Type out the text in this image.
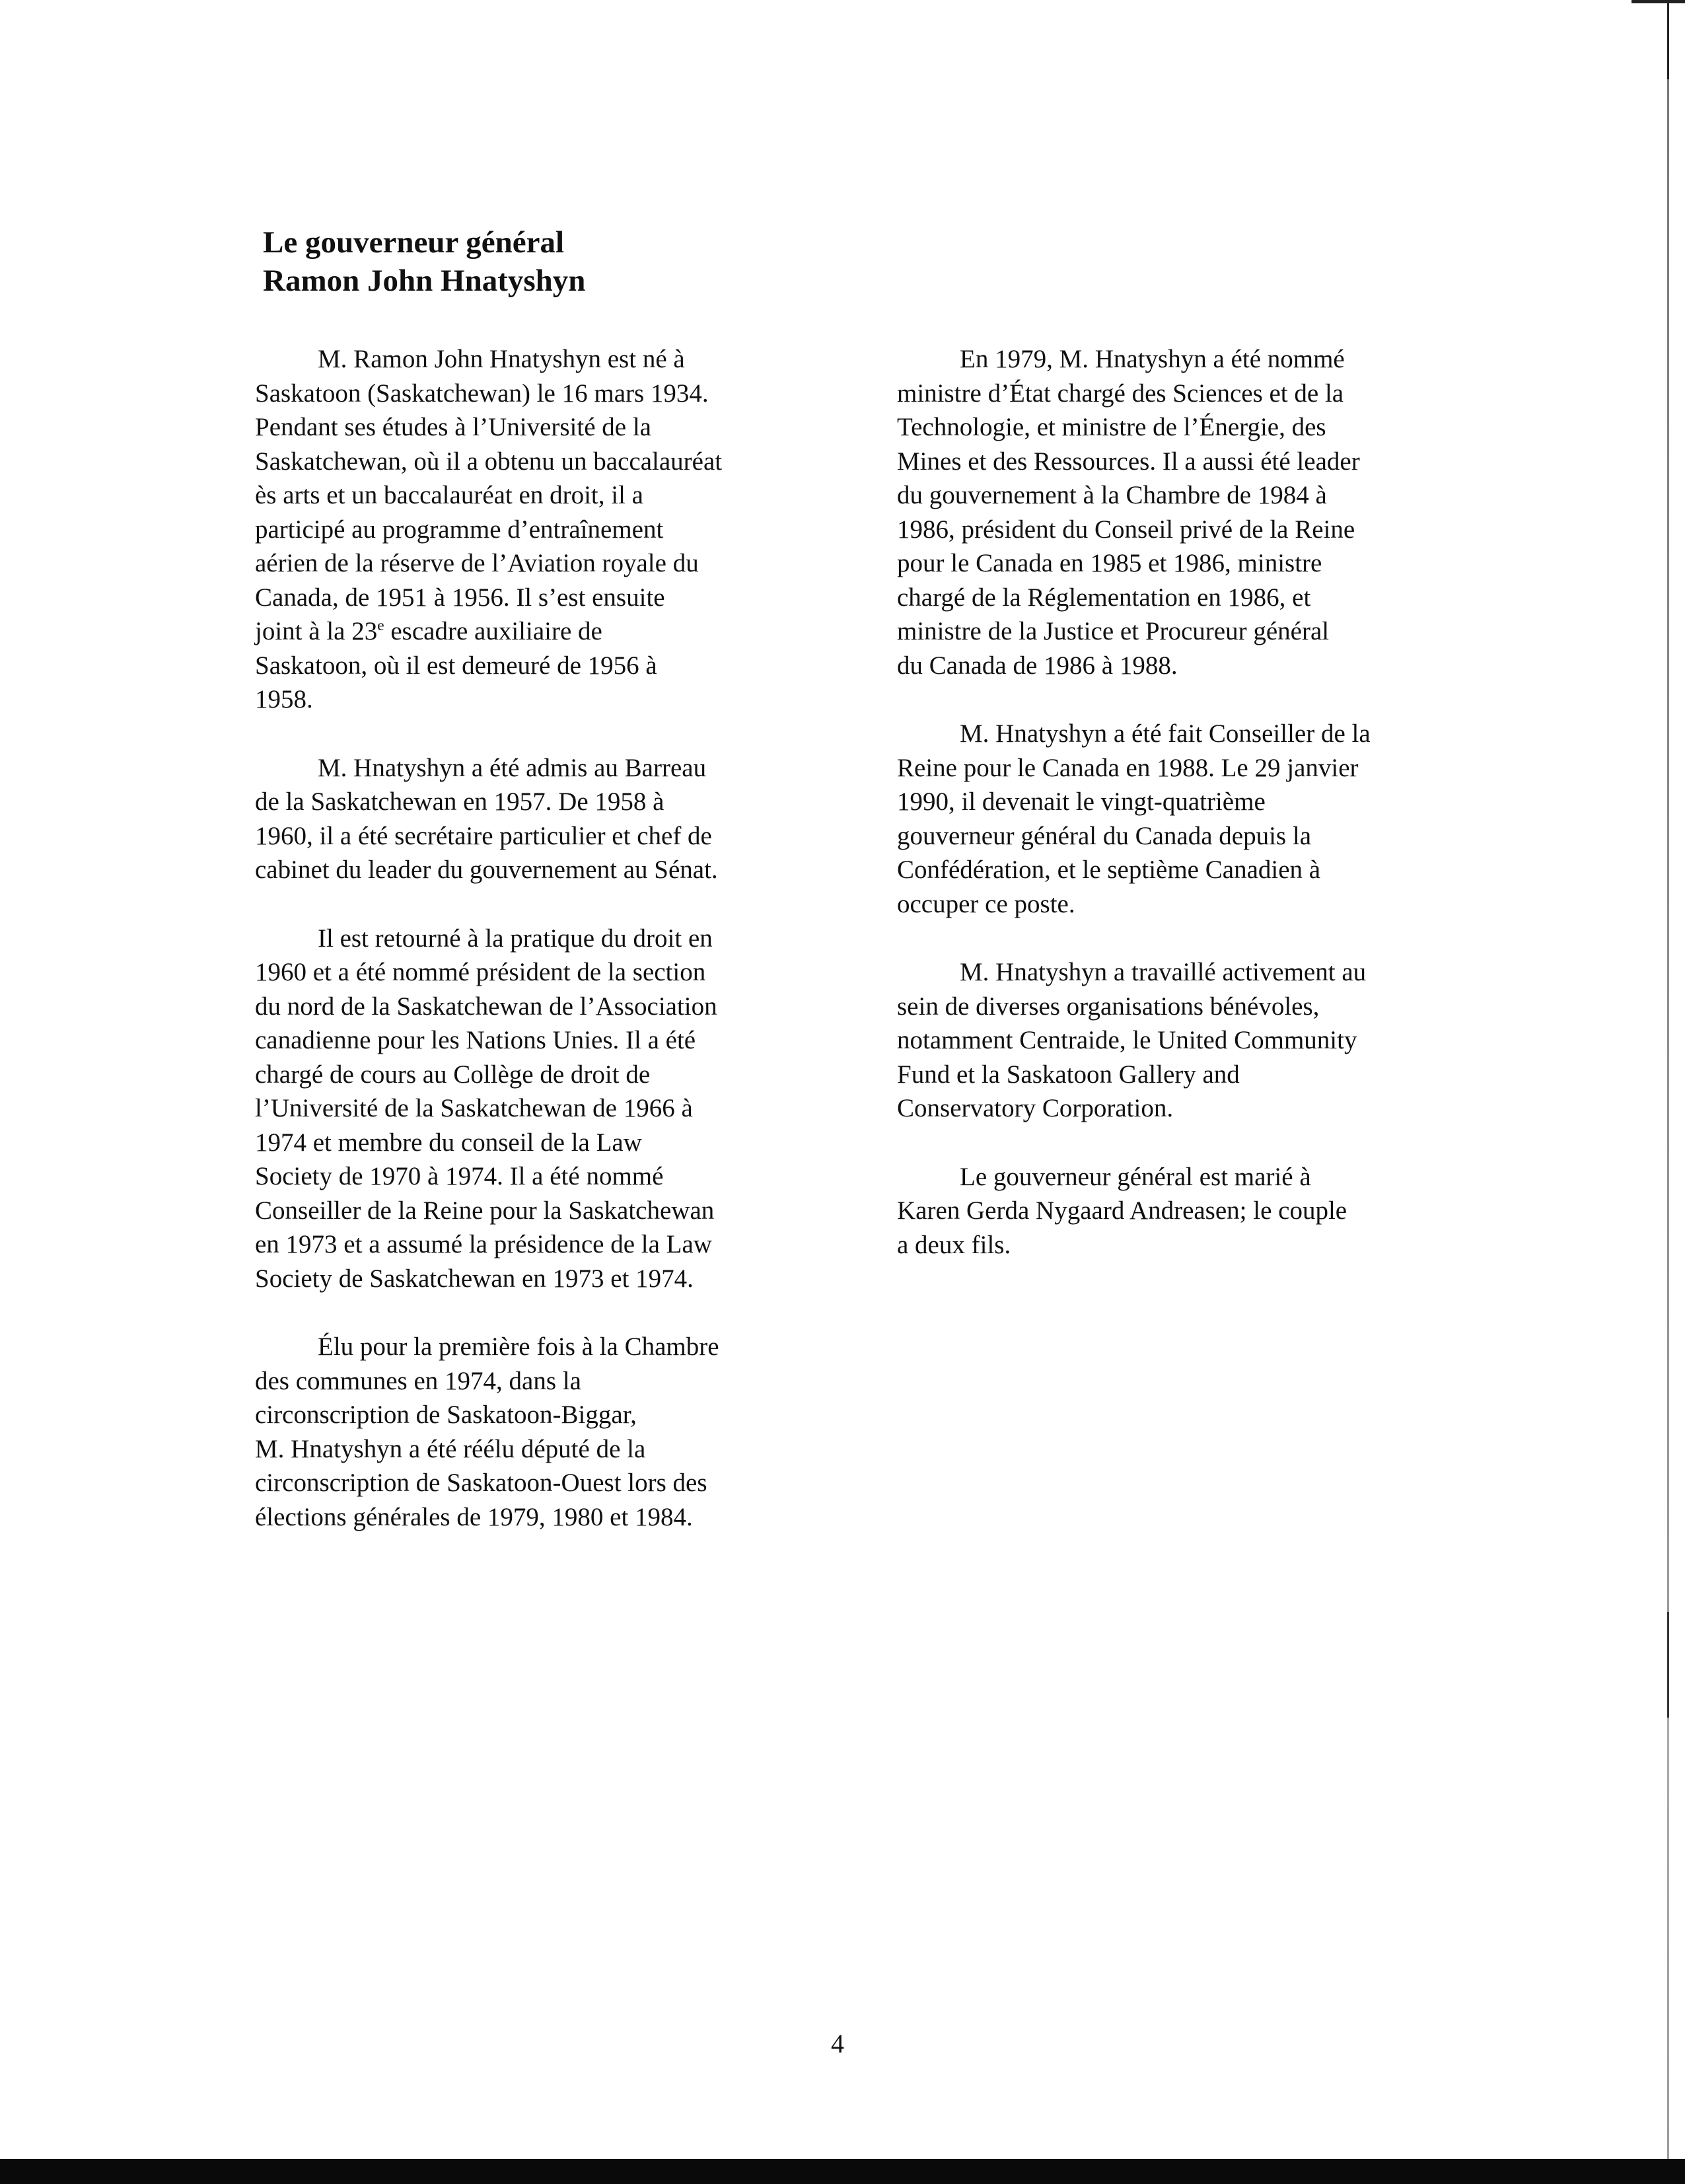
Le gouverneur général
Ramon John Hnatyshyn

M. Ramon John Hnatyshyn est né à
Saskatoon (Saskatchewan) le 16 mars 1934.
Pendant ses études à l’Université de la
Saskatchewan, où il a obtenu un baccalauréat
ès arts et un baccalauréat en droit, il a
participé au programme d’entraînement
aérien de la réserve de l’Aviation royale du
Canada, de 1951 à 1956. Il s’est ensuite
joint à la 23e escadre auxiliaire de
Saskatoon, où il est demeuré de 1956 à
1958.

M. Hnatyshyn a été admis au Barreau
de la Saskatchewan en 1957. De 1958 à
1960, il a été secrétaire particulier et chef de
cabinet du leader du gouvernement au Sénat.

Il est retourné à la pratique du droit en
1960 et a été nommé président de la section
du nord de la Saskatchewan de l’Association
canadienne pour les Nations Unies. Il a été
chargé de cours au Collège de droit de
l’Université de la Saskatchewan de 1966 à
1974 et membre du conseil de la Law
Society de 1970 à 1974. Il a été nommé
Conseiller de la Reine pour la Saskatchewan
en 1973 et a assumé la présidence de la Law
Society de Saskatchewan en 1973 et 1974.

Élu pour la première fois à la Chambre
des communes en 1974, dans la
circonscription de Saskatoon-Biggar,
M. Hnatyshyn a été réélu député de la
circonscription de Saskatoon-Ouest lors des
élections générales de 1979, 1980 et 1984.

En 1979, M. Hnatyshyn a été nommé
ministre d’État chargé des Sciences et de la
Technologie, et ministre de l’Énergie, des
Mines et des Ressources. Il a aussi été leader
du gouvernement à la Chambre de 1984 à
1986, président du Conseil privé de la Reine
pour le Canada en 1985 et 1986, ministre
chargé de la Réglementation en 1986, et
ministre de la Justice et Procureur général
du Canada de 1986 à 1988.

M. Hnatyshyn a été fait Conseiller de la
Reine pour le Canada en 1988. Le 29 janvier
1990, il devenait le vingt-quatrième
gouverneur général du Canada depuis la
Confédération, et le septième Canadien à
occuper ce poste.

M. Hnatyshyn a travaillé activement au
sein de diverses organisations bénévoles,
notamment Centraide, le United Community
Fund et la Saskatoon Gallery and
Conservatory Corporation.

Le gouverneur général est marié à
Karen Gerda Nygaard Andreasen; le couple
a deux fils.

4
